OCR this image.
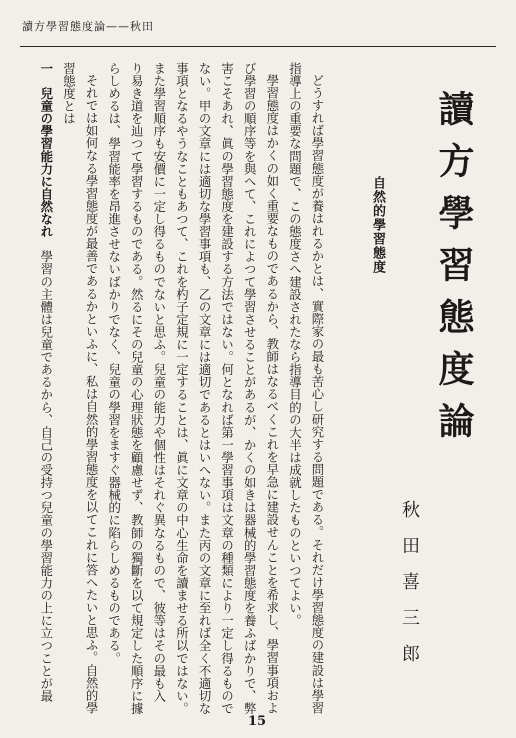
讀方學習態度論——秋田
讀方學習態度論
秋田喜三郎
自然的學習態度

どうすれば學習態度が養はれるかとは、實際家の最も苦心し研究する問題である。それだけ學習態度の建設は學習

指導上の重要な問題で、この態度さへ建設されたなら指導目的の大半は成就したものといつてよい。

學習態度はかくの如く重要なものであるから、教師はなるべくこれを早急に建設せんことを希求し、學習事項およ

び學習の順序等を與へて、これによつて學習させることがあるが、かくの如きは器械的學習態度を養ふばかりで、弊

害こそあれ、眞の學習態度を建設する方法ではない。何となれば第一學習事項は文章の種類により一定し得るもので

ない。甲の文章には適切な學習事項も、乙の文章には適切であるとはいへない。また丙の文章に至れば全く不適切な

事項となるやうなこともあつて、これを杓子定規に一定することは、眞に文章の中心生命を讀ませる所以ではない。

また學習順序も安價に一定し得るものでないと思ふ。兒童の能力や個性はそれぐ異なるもので、彼等はその最も入

り易き道を辿つて學習するものである。然るにその兒童の心理狀態を顧慮せず、教師の獨斷を以て規定した順序に據

らしめるは、學習能率を昂進させないばかりでなく、兒童の學習をますぐ器械的に陷らしめるものである。

それでは如何なる學習態度が最善であるかといふに、私は自然的學習態度を以てこれに答へたいと思ふ。自然的學

習態度とは

一　兒童の學習能力に自然なれ　學習の主體は兒童であるから、自己の受持つ兒童の學習能力の上に立つことが最

15
